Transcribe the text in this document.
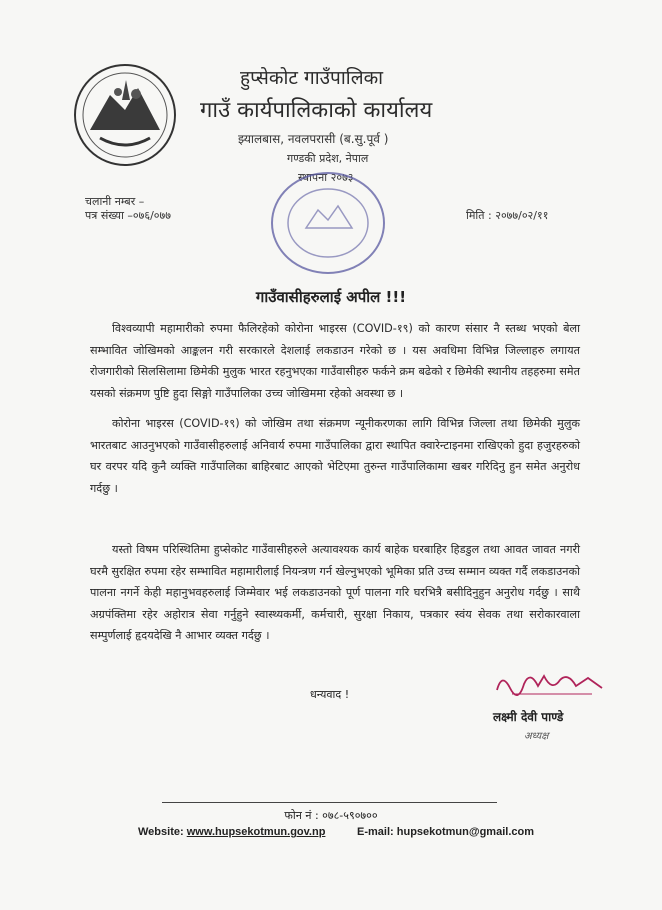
हुप्सेकोट गाउँपालिका
गाउँ कार्यपालिकाको कार्यालय
झ्यालबास, नवलपरासी (ब.सु.पूर्व )
गण्डकी प्रदेश, नेपाल
स्थापना २०७३
चलानी नम्बर –
पत्र संख्या –०७६/०७७	मिति : २०७७/०२/११
गाउँवासीहरुलाई अपील !!!
विश्वव्यापी महामारीको रुपमा फैलिरहेको कोरोना भाइरस (COVID-१९) को कारण संसार नै स्तब्ध भएको बेला सम्भावित जोखिमको आङ्कलन गरी सरकारले देशलाई लकडाउन गरेको छ । यस अवधिमा विभिन्न जिल्लाहरु लगायत रोजगारीको सिलसिलामा छिमेकी मुलुक भारत रहनुभएका गाउँवासीहरु फर्कने क्रम बढेको र छिमेकी स्थानीय तहहरुमा समेत यसको संक्रमण पुष्टि हुदा सिङ्गो गाउँपालिका उच्च जोखिममा रहेको अवस्था छ ।
कोरोना भाइरस (COVID-१९) को जोखिम तथा संक्रमण न्यूनीकरणका लागि विभिन्न जिल्ला तथा छिमेकी मुलुक भारतबाट आउनुभएको गाउँवासीहरुलाई अनिवार्य रुपमा गाउँपालिका द्वारा स्थापित क्वारेन्टाइनमा राखिएको हुदा हजुरहरुको घर वरपर यदि कुनै व्यक्ति गाउँपालिका बाहिरबाट आएको भेटिएमा तुरुन्त गाउँपालिकामा खबर गरिदिनु हुन समेत अनुरोध गर्दछु ।
यस्तो विषम परिस्थितिमा हुप्सेकोट गाउँवासीहरुले अत्यावश्यक कार्य बाहेक घरबाहिर हिडडुल तथा आवत जावत नगरी घरमै सुरक्षित रुपमा रहेर सम्भावित महामारीलाई नियन्त्रण गर्न खेल्नुभएको भूमिका प्रति उच्च सम्मान व्यक्त गर्दै लकडाउनको पालना नगर्ने केही महानुभवहरुलाई जिम्मेवार भई लकडाउनको पूर्ण पालना गरि घरभित्रै बसीदिनुहुन अनुरोध गर्दछु । साथै अग्रपंक्तिमा रहेर अहोरात्र सेवा गर्नुहुने स्वास्थ्यकर्मी, कर्मचारी, सुरक्षा निकाय, पत्रकार स्वंय सेवक तथा सरोकारवाला सम्पुर्णलाई हृदयदेखि नै आभार व्यक्त गर्दछु ।
धन्यवाद !
लक्ष्मी देवी पाण्डे
अध्यक्ष
फोन नं : ०७८-५९०७००
Website: www.hupsekotmun.gov.np	E-mail: hupsekotmun@gmail.com
